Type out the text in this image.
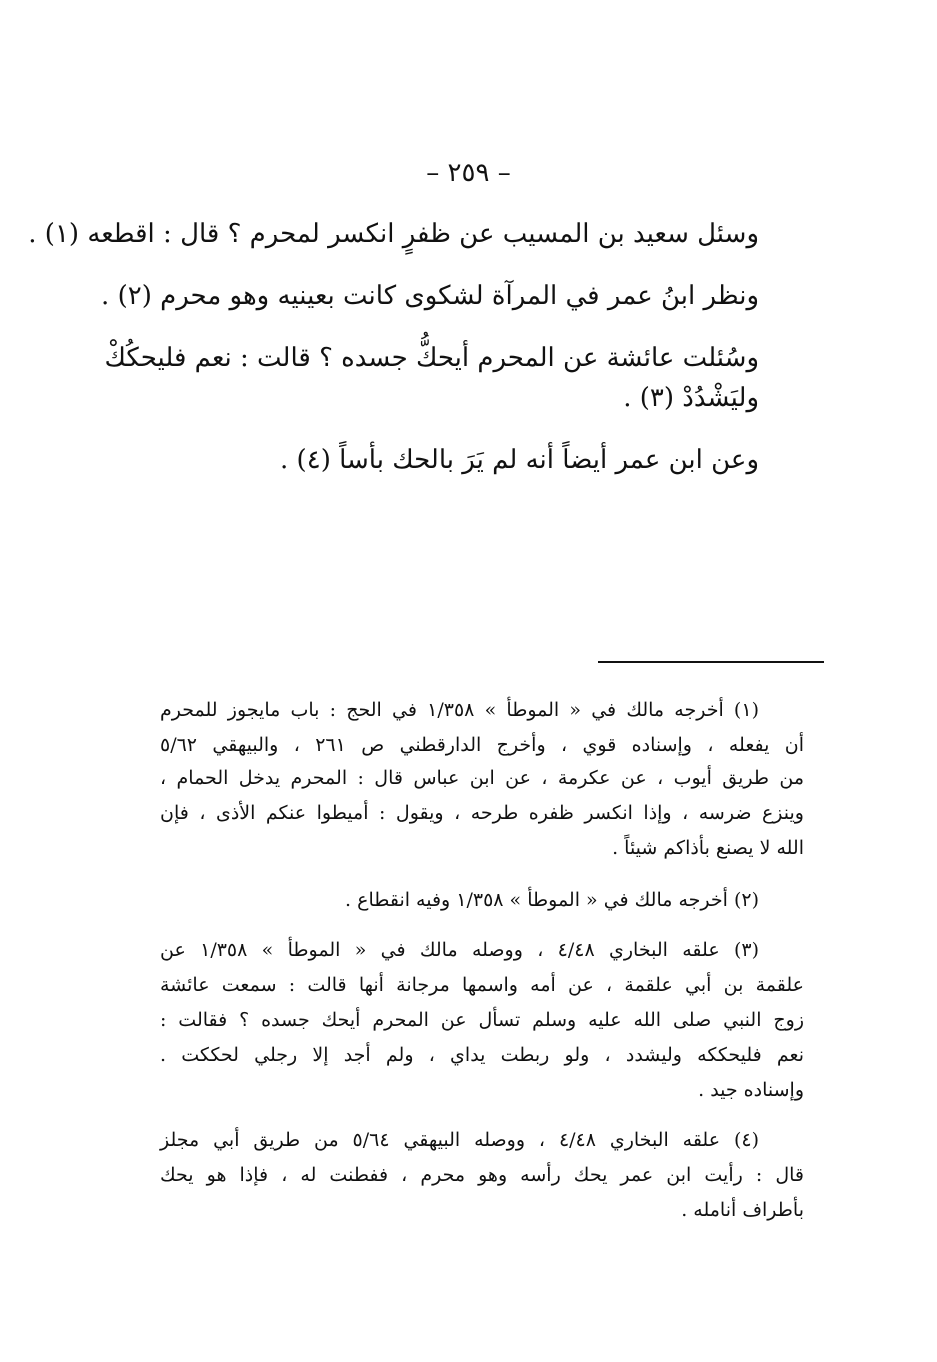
– ٢٥٩ –
وسئل سعيد بن المسيب عن ظفرٍ انكسر لمحرم ؟ قال : اقطعه (١) .
ونظر ابنُ عمر في المرآة لشكوى كانت بعينيه وهو محرم (٢) .
وسُئلت عائشة عن المحرم أيحكُّ جسده ؟ قالت : نعم فليحكُكْ
وليَشْدُدْ (٣) .
وعن ابن عمر أيضاً أنه لم يَرَ بالحك بأساً (٤) .
(١) أخرجه مالك في « الموطأ » ١/٣٥٨ في الحج : باب مايجوز للمحرم
أن يفعله ، وإسناده قوي ، وأخرج الدارقطني ص ٢٦١ ، والبيهقي ٥/٦٢
من طريق أيوب ، عن عكرمة ، عن ابن عباس قال : المحرم يدخل الحمام ،
وينزع ضرسه ، وإذا انكسر ظفره طرحه ، ويقول : أميطوا عنكم الأذى ، فإن
الله لا يصنع بأذاكم شيئاً .
(٢) أخرجه مالك في « الموطأ » ١/٣٥٨ وفيه انقطاع .
(٣) علقه البخاري ٤/٤٨ ، ووصله مالك في « الموطأ » ١/٣٥٨ عن
علقمة بن أبي علقمة ، عن أمه واسمها مرجانة أنها قالت : سمعت عائشة
زوج النبي صلى الله عليه وسلم تسأل عن المحرم أيحك جسده ؟ فقالت :
نعم فليحككه وليشدد ، ولو ربطت يداي ، ولم أجد إلا رجلي لحككت .
وإسناده جيد .
(٤) علقه البخاري ٤/٤٨ ، ووصله البيهقي ٥/٦٤ من طريق أبي مجلز
قال : رأيت ابن عمر يحك رأسه وهو محرم ، ففطنت له ، فإذا هو يحك
بأطراف أنامله .
